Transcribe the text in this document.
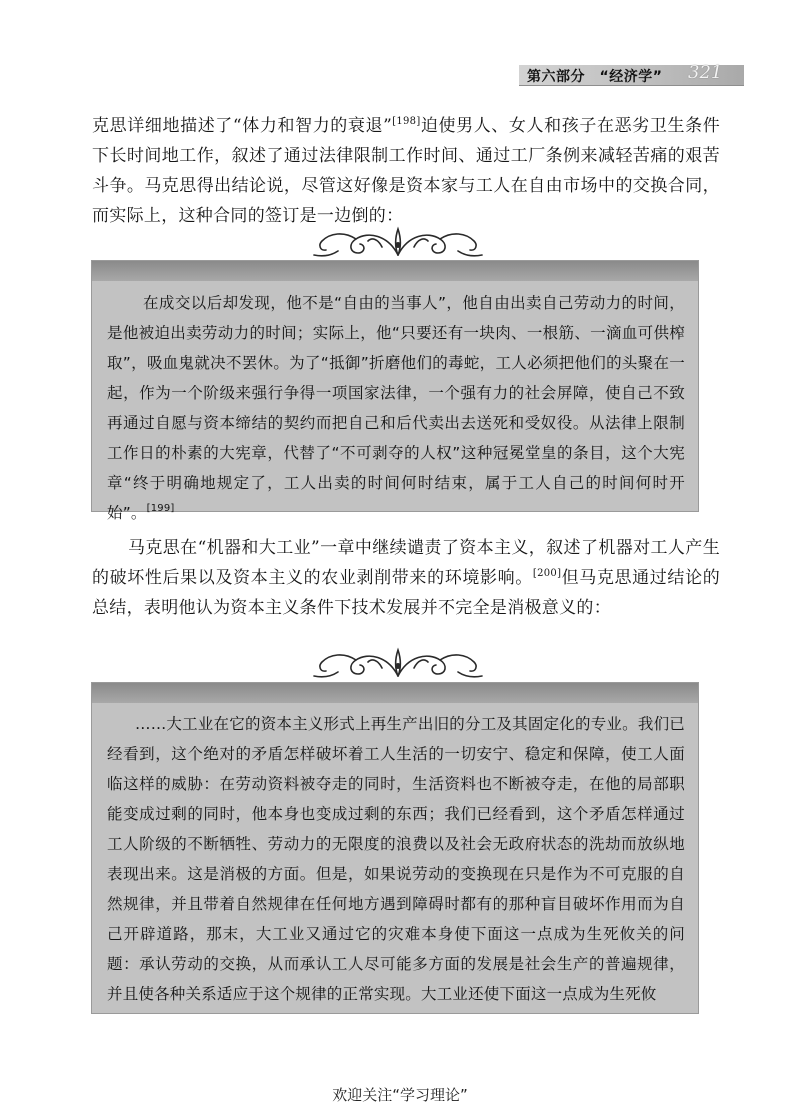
第六部分　“经济学” 321
克思详细地描述了“体力和智力的衰退”[198]迫使男人、女人和孩子在恶劣卫生条件下长时间地工作，叙述了通过法律限制工作时间、通过工厂条例来减轻苦痛的艰苦斗争。马克思得出结论说，尽管这好像是资本家与工人在自由市场中的交换合同，而实际上，这种合同的签订是一边倒的：
在成交以后却发现，他不是“自由的当事人”，他自由出卖自己劳动力的时间，是他被迫出卖劳动力的时间；实际上，他“只要还有一块肉、一根筋、一滴血可供榨取”，吸血鬼就决不罢休。为了“抵御”折磨他们的毒蛇，工人必须把他们的头聚在一起，作为一个阶级来强行争得一项国家法律，一个强有力的社会屏障，使自己不致再通过自愿与资本缔结的契约而把自己和后代卖出去送死和受奴役。从法律上限制工作日的朴素的大宪章，代替了“不可剥夺的人权”这种冠冕堂皇的条目，这个大宪章“终于明确地规定了，工人出卖的时间何时结束，属于工人自己的时间何时开始”。[199]
马克思在“机器和大工业”一章中继续谴责了资本主义，叙述了机器对工人产生的破坏性后果以及资本主义的农业剥削带来的环境影响。[200]但马克思通过结论的总结，表明他认为资本主义条件下技术发展并不完全是消极意义的：
……大工业在它的资本主义形式上再生产出旧的分工及其固定化的专业。我们已经看到，这个绝对的矛盾怎样破坏着工人生活的一切安宁、稳定和保障，使工人面临这样的威胁：在劳动资料被夺走的同时，生活资料也不断被夺走，在他的局部职能变成过剩的同时，他本身也变成过剩的东西；我们已经看到，这个矛盾怎样通过工人阶级的不断牺牲、劳动力的无限度的浪费以及社会无政府状态的洗劫而放纵地表现出来。这是消极的方面。但是，如果说劳动的变换现在只是作为不可克服的自然规律，并且带着自然规律在任何地方遇到障碍时都有的那种盲目破坏作用而为自己开辟道路，那末，大工业又通过它的灾难本身使下面这一点成为生死攸关的问题：承认劳动的交换，从而承认工人尽可能多方面的发展是社会生产的普遍规律，并且使各种关系适应于这个规律的正常实现。大工业还使下面这一点成为生死攸
欢迎关注“学习理论”
